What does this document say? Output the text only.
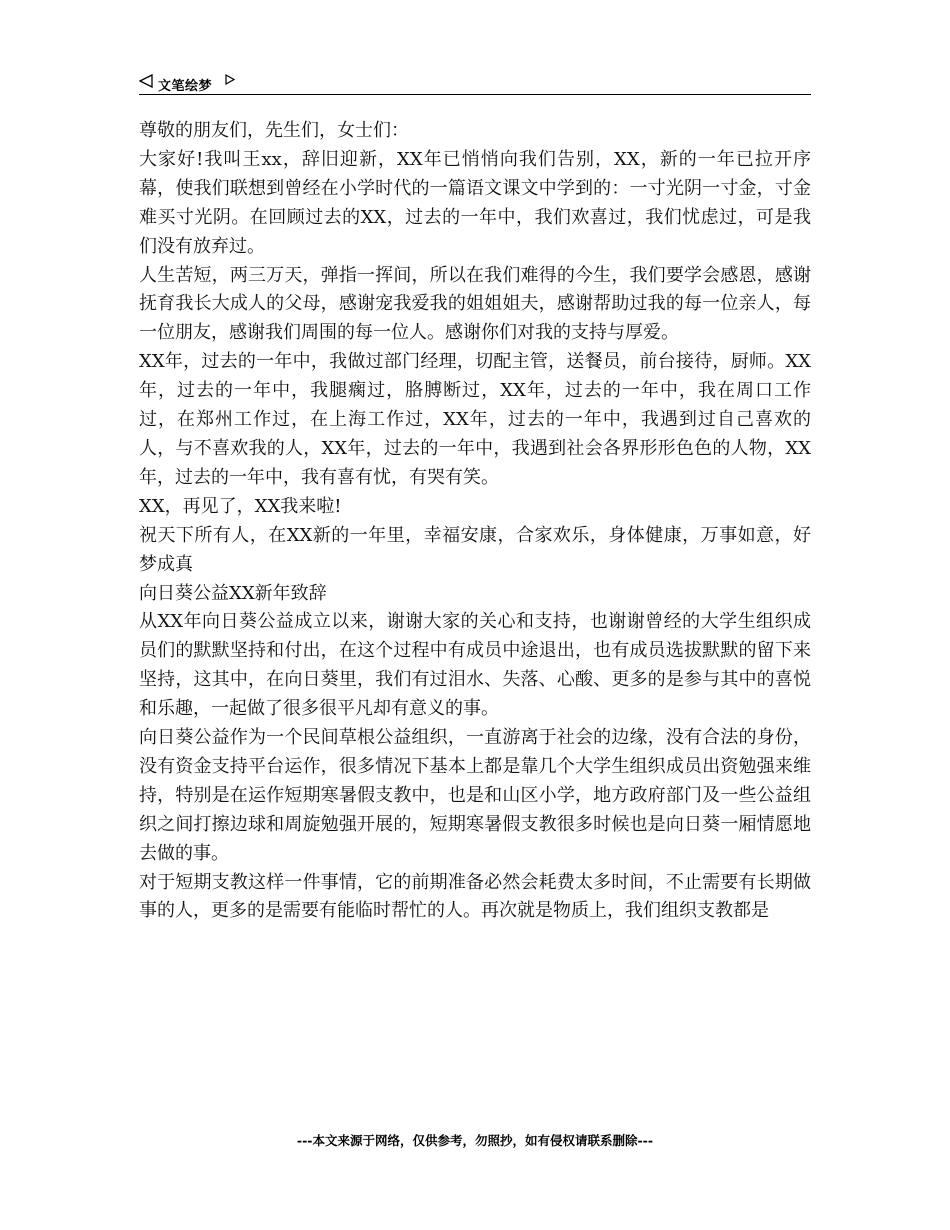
文笔绘梦

尊敬的朋友们，先生们，女士们：

大家好!我叫王xx，辞旧迎新，XX年已悄悄向我们告别，XX，新的一年已拉开序幕，使我们联想到曾经在小学时代的一篇语文课文中学到的：一寸光阴一寸金，寸金难买寸光阴。在回顾过去的XX，过去的一年中，我们欢喜过，我们忧虑过，可是我们没有放弃过。

人生苦短，两三万天，弹指一挥间，所以在我们难得的今生，我们要学会感恩，感谢抚育我长大成人的父母，感谢宠我爱我的姐姐姐夫，感谢帮助过我的每一位亲人，每一位朋友，感谢我们周围的每一位人。感谢你们对我的支持与厚爱。

XX年，过去的一年中，我做过部门经理，切配主管，送餐员，前台接待，厨师。XX年，过去的一年中，我腿瘸过，胳膊断过，XX年，过去的一年中，我在周口工作过，在郑州工作过，在上海工作过，XX年，过去的一年中，我遇到过自己喜欢的人，与不喜欢我的人，XX年，过去的一年中，我遇到社会各界形形色色的人物，XX年，过去的一年中，我有喜有忧，有哭有笑。

XX，再见了，XX我来啦!

祝天下所有人，在XX新的一年里，幸福安康，合家欢乐，身体健康，万事如意，好梦成真

向日葵公益XX新年致辞

从XX年向日葵公益成立以来，谢谢大家的关心和支持，也谢谢曾经的大学生组织成员们的默默坚持和付出，在这个过程中有成员中途退出，也有成员选拔默默的留下来坚持，这其中，在向日葵里，我们有过泪水、失落、心酸、更多的是参与其中的喜悦和乐趣，一起做了很多很平凡却有意义的事。

向日葵公益作为一个民间草根公益组织，一直游离于社会的边缘，没有合法的身份，没有资金支持平台运作，很多情况下基本上都是靠几个大学生组织成员出资勉强来维持，特别是在运作短期寒暑假支教中，也是和山区小学，地方政府部门及一些公益组织之间打擦边球和周旋勉强开展的，短期寒暑假支教很多时候也是向日葵一厢情愿地去做的事。

对于短期支教这样一件事情，它的前期准备必然会耗费太多时间，不止需要有长期做事的人，更多的是需要有能临时帮忙的人。再次就是物质上，我们组织支教都是

---本文来源于网络，仅供参考，勿照抄，如有侵权请联系删除---
